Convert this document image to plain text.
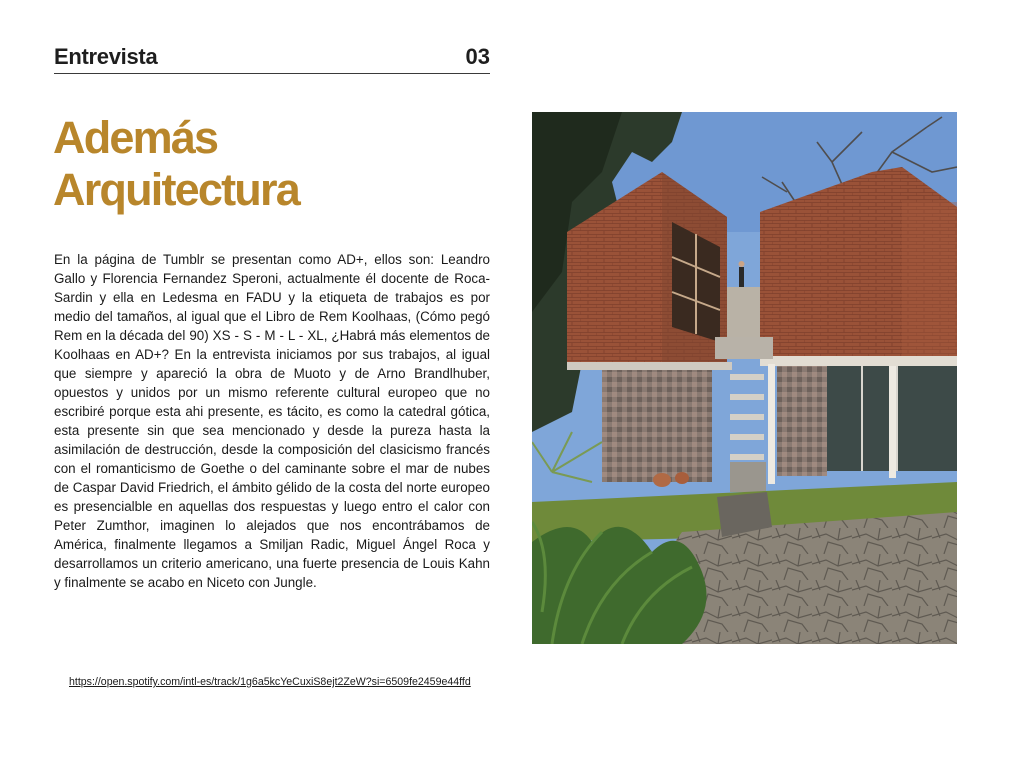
Entrevista	03
Además
Arquitectura

En la página de Tumblr se presentan como AD+, ellos son: Leandro Gallo y Florencia Fernandez Speroni, actualmente él docente de Roca-Sardin y ella en Ledesma en FADU y la etiqueta de trabajos es por medio del tamaños, al igual que el Libro de Rem Koolhaas, (Cómo pegó Rem en la década del 90) XS - S - M - L - XL, ¿Habrá más elementos de Koolhaas en AD+? En la entrevista iniciamos por sus trabajos, al igual que siempre y apareció la obra de Muoto y de Arno Brandlhuber, opuestos y unidos por un mismo referente cultural europeo que no escribiré porque esta ahi presente, es tácito, es como la catedral gótica, esta presente sin que sea mencionado y desde la pureza hasta la asimilación de destrucción, desde la composición del clasicismo francés con el romanticismo de Goethe o del caminante sobre el mar de nubes de Caspar David Friedrich, el ámbito gélido de la costa del norte europeo es presencialble en aquellas dos respuestas y luego entro el calor con Peter Zumthor, imaginen lo alejados que nos encontrábamos de América, finalmente llegamos a Smiljan Radic, Miguel Ángel Roca y desarrollamos un criterio americano, una fuerte presencia de Louis Kahn y finalmente se acabo en Niceto con Jungle.

https://open.spotify.com/intl-es/track/1g6a5kcYeCuxiS8ejt2ZeW?si=6509fe2459e44ffd
